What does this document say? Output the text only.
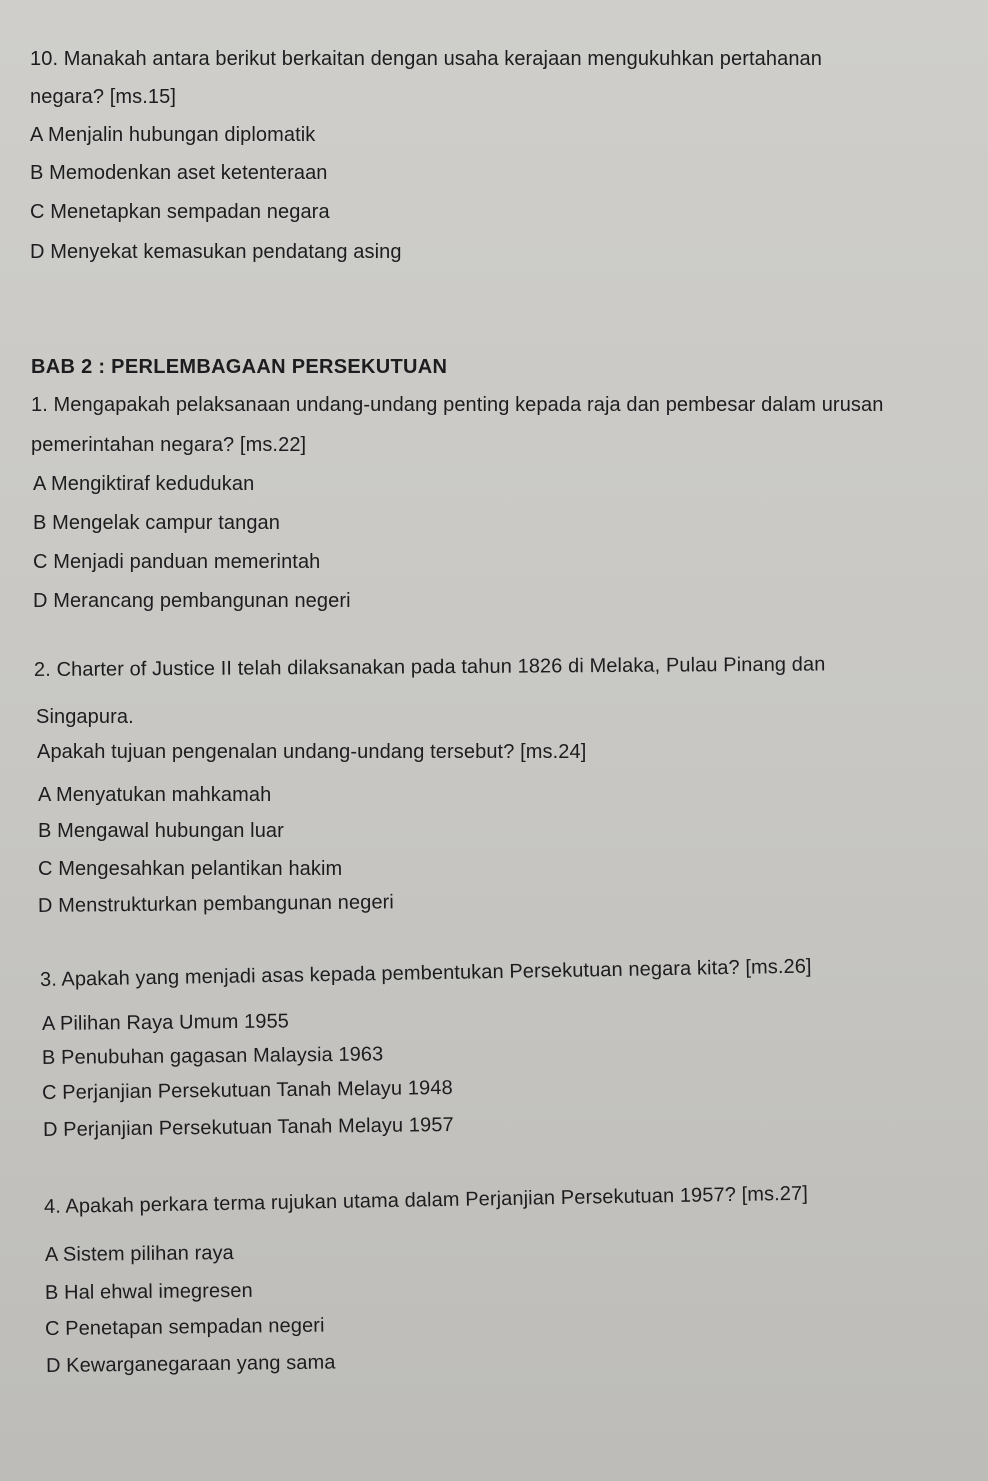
10. Manakah antara berikut berkaitan dengan usaha kerajaan mengukuhkan pertahanan
negara? [ms.15]
A Menjalin hubungan diplomatik
B Memodenkan aset ketenteraan
C Menetapkan sempadan negara
D Menyekat kemasukan pendatang asing
BAB 2 : PERLEMBAGAAN PERSEKUTUAN
1. Mengapakah pelaksanaan undang-undang penting kepada raja dan pembesar dalam urusan
pemerintahan negara? [ms.22]
A Mengiktiraf kedudukan
B Mengelak campur tangan
C Menjadi panduan memerintah
D Merancang pembangunan negeri
2. Charter of Justice II telah dilaksanakan pada tahun 1826 di Melaka, Pulau Pinang dan
Singapura.
Apakah tujuan pengenalan undang-undang tersebut? [ms.24]
A Menyatukan mahkamah
B Mengawal hubungan luar
C Mengesahkan pelantikan hakim
D Menstrukturkan pembangunan negeri
3. Apakah yang menjadi asas kepada pembentukan Persekutuan negara kita? [ms.26]
A Pilihan Raya Umum 1955
B Penubuhan gagasan Malaysia 1963
C Perjanjian Persekutuan Tanah Melayu 1948
D Perjanjian Persekutuan Tanah Melayu 1957
4. Apakah perkara terma rujukan utama dalam Perjanjian Persekutuan 1957? [ms.27]
A Sistem pilihan raya
B Hal ehwal imegresen
C Penetapan sempadan negeri
D Kewarganegaraan yang sama
